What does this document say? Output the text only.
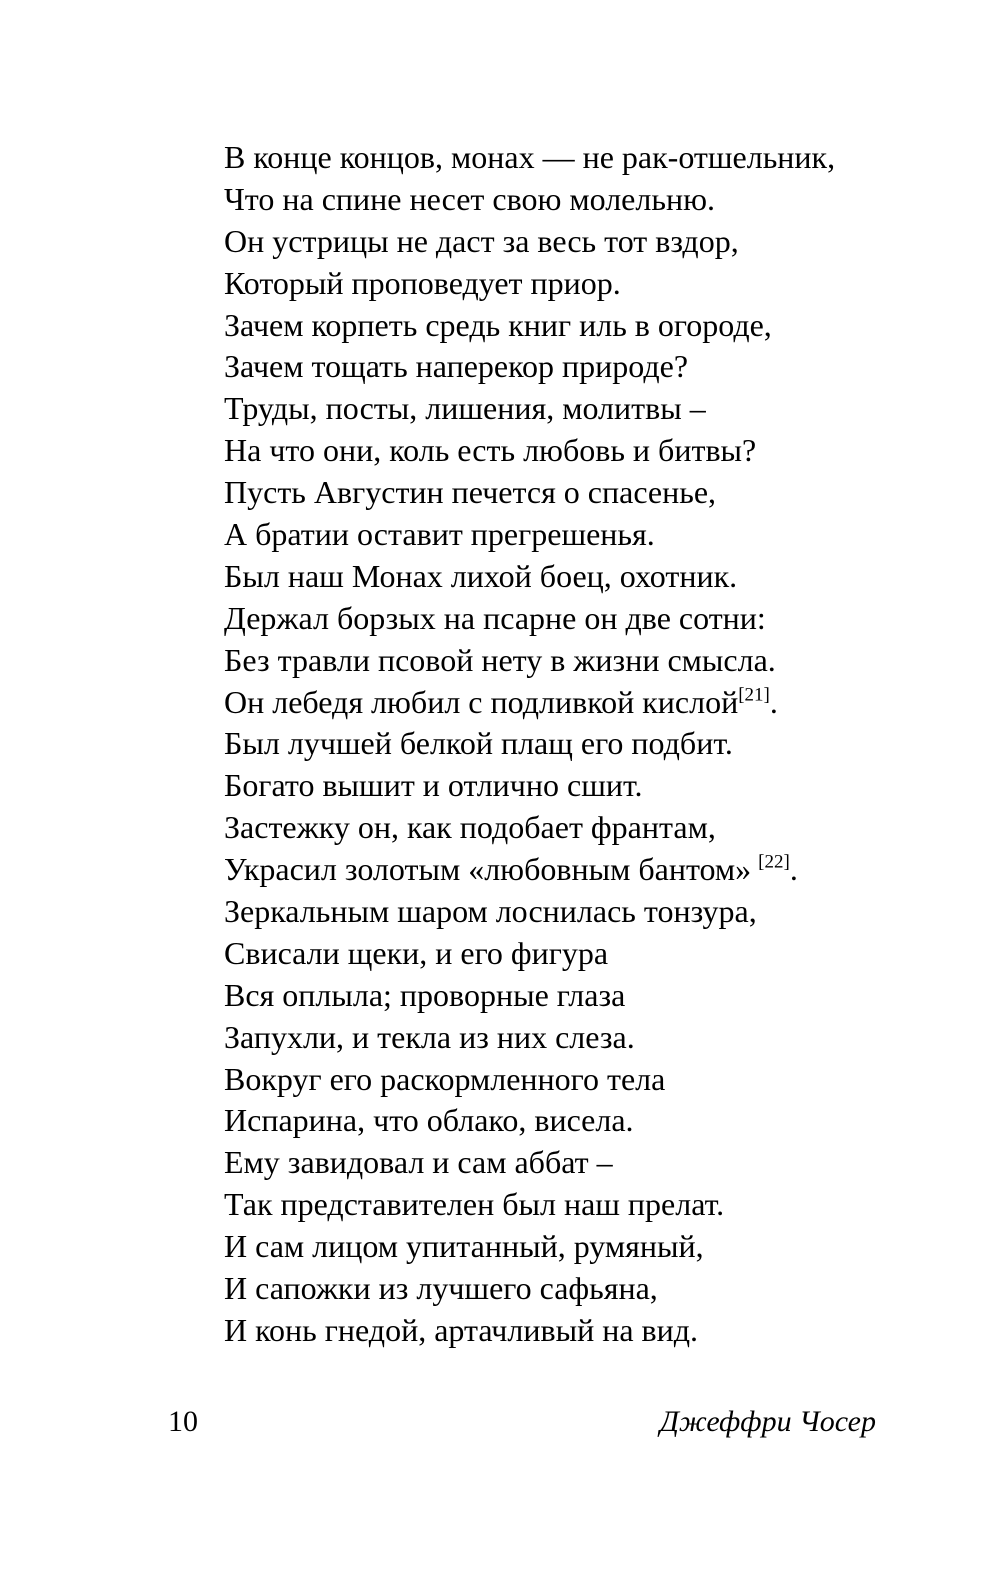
В конце концов, монах — не рак-отшельник,
Что на спине несет свою молельню.
Он устрицы не даст за весь тот вздор,
Который проповедует приор.
Зачем корпеть средь книг иль в огороде,
Зачем тощать наперекор природе?
Труды, посты, лишения, молитвы –
На что они, коль есть любовь и битвы?
Пусть Августин печется о спасенье,
А братии оставит прегрешенья.
Был наш Монах лихой боец, охотник.
Держал борзых на псарне он две сотни:
Без травли псовой нету в жизни смысла.
Он лебедя любил с подливкой кислой[21].
Был лучшей белкой плащ его подбит.
Богато вышит и отлично сшит.
Застежку он, как подобает франтам,
Украсил золотым «любовным бантом» [22].
Зеркальным шаром лоснилась тонзура,
Свисали щеки, и его фигура
Вся оплыла; проворные глаза
Запухли, и текла из них слеза.
Вокруг его раскормленного тела
Испарина, что облако, висела.
Ему завидовал и сам аббат –
Так представителен был наш прелат.
И сам лицом упитанный, румяный,
И сапожки из лучшего сафьяна,
И конь гнедой, артачливый на вид.
10	Джеффри Чосер
